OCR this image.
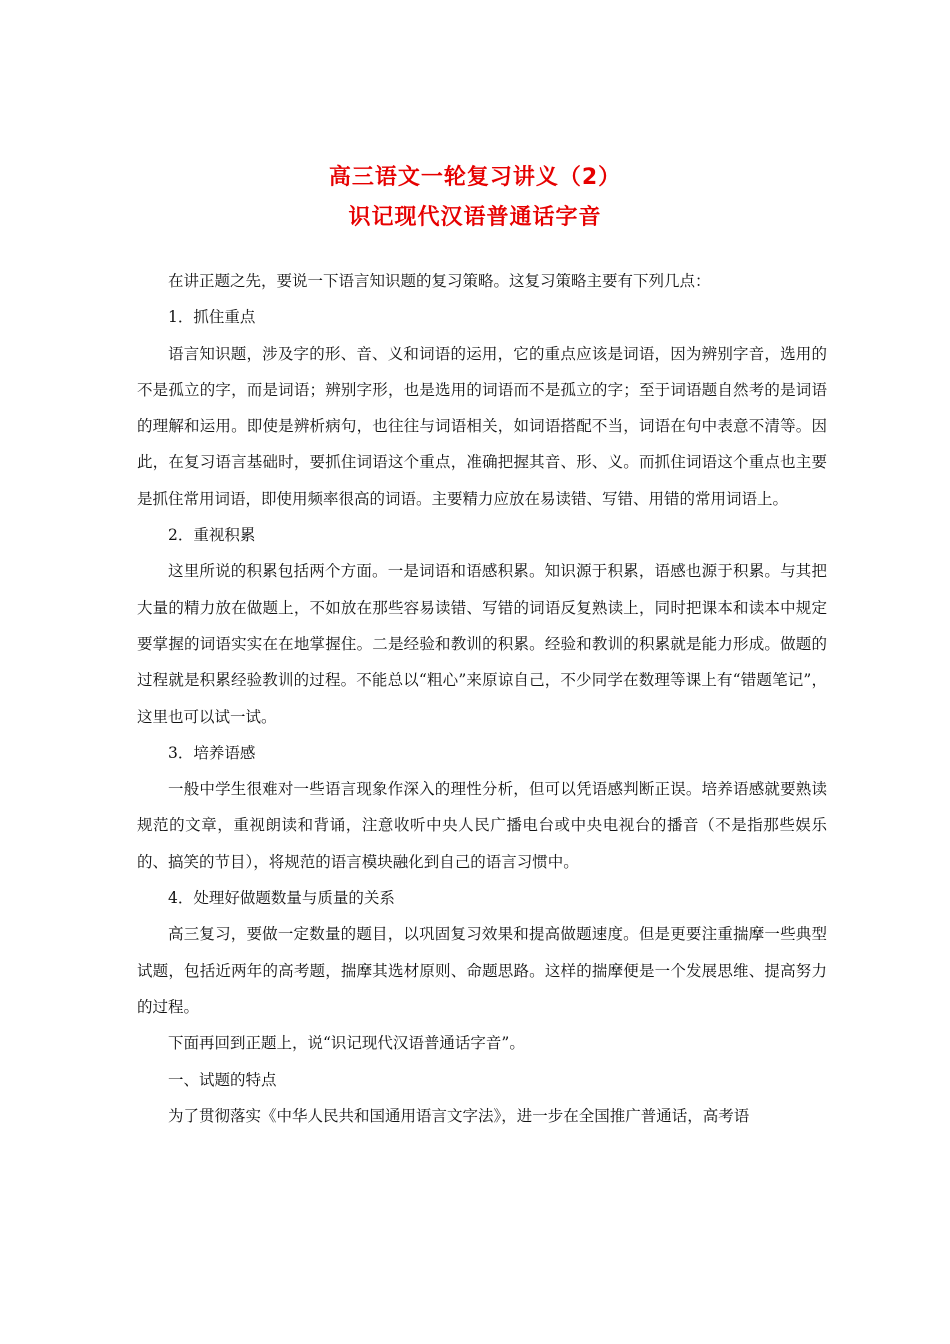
高三语文一轮复习讲义（2）
识记现代汉语普通话字音

在讲正题之先，要说一下语言知识题的复习策略。这复习策略主要有下列几点：

1．抓住重点

语言知识题，涉及字的形、音、义和词语的运用，它的重点应该是词语，因为辨别字音，选用的不是孤立的字，而是词语；辨别字形，也是选用的词语而不是孤立的字；至于词语题自然考的是词语的理解和运用。即使是辨析病句，也往往与词语相关，如词语搭配不当，词语在句中表意不清等。因此，在复习语言基础时，要抓住词语这个重点，准确把握其音、形、义。而抓住词语这个重点也主要是抓住常用词语，即使用频率很高的词语。主要精力应放在易读错、写错、用错的常用词语上。

2．重视积累

这里所说的积累包括两个方面。一是词语和语感积累。知识源于积累，语感也源于积累。与其把大量的精力放在做题上，不如放在那些容易读错、写错的词语反复熟读上，同时把课本和读本中规定要掌握的词语实实在在地掌握住。二是经验和教训的积累。经验和教训的积累就是能力形成。做题的过程就是积累经验教训的过程。不能总以“粗心”来原谅自己，不少同学在数理等课上有“错题笔记”，这里也可以试一试。

3．培养语感

一般中学生很难对一些语言现象作深入的理性分析，但可以凭语感判断正误。培养语感就要熟读规范的文章，重视朗读和背诵，注意收听中央人民广播电台或中央电视台的播音（不是指那些娱乐的、搞笑的节目），将规范的语言模块融化到自己的语言习惯中。

4．处理好做题数量与质量的关系

高三复习，要做一定数量的题目，以巩固复习效果和提高做题速度。但是更要注重揣摩一些典型试题，包括近两年的高考题，揣摩其选材原则、命题思路。这样的揣摩便是一个发展思维、提高努力的过程。

下面再回到正题上，说“识记现代汉语普通话字音”。

一、试题的特点

为了贯彻落实《中华人民共和国通用语言文字法》，进一步在全国推广普通话，高考语
